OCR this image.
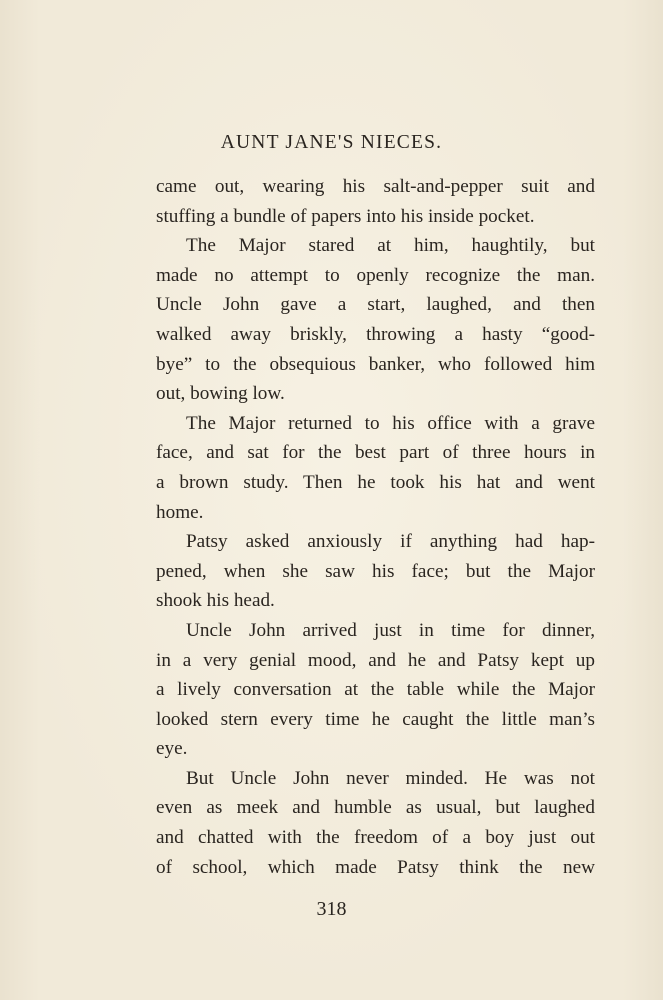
AUNT JANE'S NIECES.
came out, wearing his salt-and-pepper suit and
stuffing a bundle of papers into his inside pocket.
The Major stared at him, haughtily, but
made no attempt to openly recognize the man.
Uncle John gave a start, laughed, and then
walked away briskly, throwing a hasty “good-
bye” to the obsequious banker, who followed him
out, bowing low.
The Major returned to his office with a grave
face, and sat for the best part of three hours in
a brown study. Then he took his hat and went
home.
Patsy asked anxiously if anything had hap-
pened, when she saw his face; but the Major
shook his head.
Uncle John arrived just in time for dinner,
in a very genial mood, and he and Patsy kept up
a lively conversation at the table while the Major
looked stern every time he caught the little man’s
eye.
But Uncle John never minded. He was not
even as meek and humble as usual, but laughed
and chatted with the freedom of a boy just out
of school, which made Patsy think the new
318
